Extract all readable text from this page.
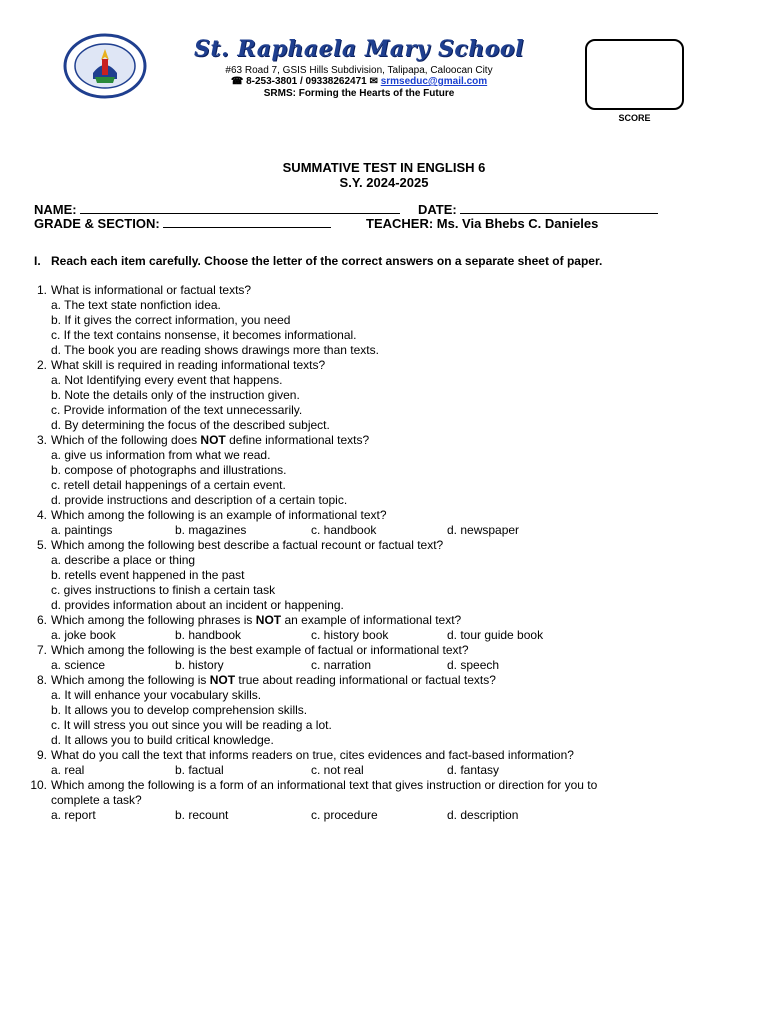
St. Raphaela Mary School
#63 Road 7, GSIS Hills Subdivision, Talipapa, Caloocan City
☎ 8-253-3801 / 09338262471 ✉ srmseduc@gmail.com
SRMS: Forming the Hearts of the Future
SCORE
SUMMATIVE TEST IN ENGLISH 6
S.Y. 2024-2025
NAME:	DATE:
GRADE & SECTION:	TEACHER: Ms. Via Bhebs C. Danieles
I. Reach each item carefully. Choose the letter of the correct answers on a separate sheet of paper.
1. What is informational or factual texts?
a. The text state nonfiction idea.
b. If it gives the correct information, you need
c. If the text contains nonsense, it becomes informational.
d. The book you are reading shows drawings more than texts.
2. What skill is required in reading informational texts?
a. Not Identifying every event that happens.
b. Note the details only of the instruction given.
c. Provide information of the text unnecessarily.
d. By determining the focus of the described subject.
3. Which of the following does NOT define informational texts?
a. give us information from what we read.
b. compose of photographs and illustrations.
c. retell detail happenings of a certain event.
d. provide instructions and description of a certain topic.
4. Which among the following is an example of informational text?
a. paintings	b. magazines	c. handbook	d. newspaper
5. Which among the following best describe a factual recount or factual text?
a. describe a place or thing
b. retells event happened in the past
c. gives instructions to finish a certain task
d. provides information about an incident or happening.
6. Which among the following phrases is NOT an example of informational text?
a. joke book	b. handbook	c. history book	d. tour guide book
7. Which among the following is the best example of factual or informational text?
a. science	b. history	c. narration	d. speech
8. Which among the following is NOT true about reading informational or factual texts?
a. It will enhance your vocabulary skills.
b. It allows you to develop comprehension skills.
c. It will stress you out since you will be reading a lot.
d. It allows you to build critical knowledge.
9. What do you call the text that informs readers on true, cites evidences and fact-based information?
a. real	b. factual	c. not real	d. fantasy
10. Which among the following is a form of an informational text that gives instruction or direction for you to
complete a task?
a. report	b. recount	c. procedure	d. description
